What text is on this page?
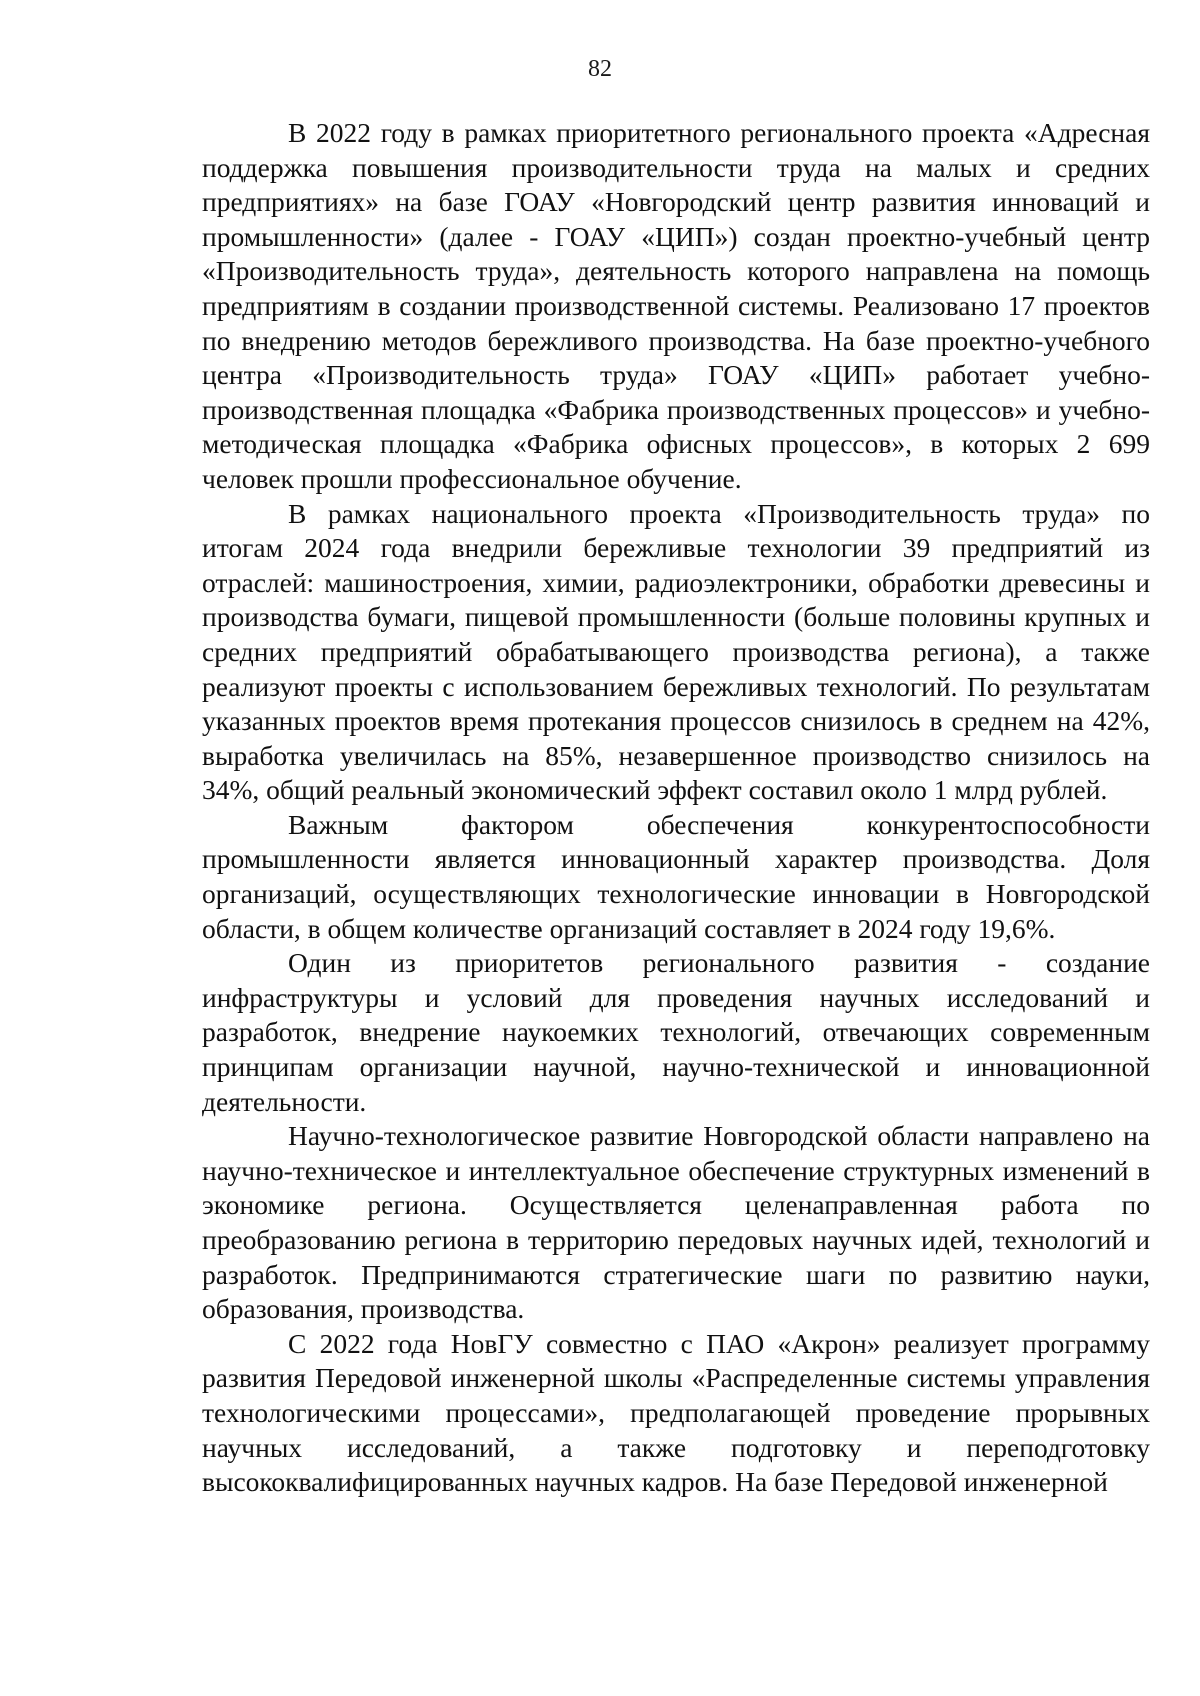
82

В 2022 году в рамках приоритетного регионального проекта «Адресная поддержка повышения производительности труда на малых и средних предприятиях» на базе ГОАУ «Новгородский центр развития инноваций и промышленности» (далее - ГОАУ «ЦИП») создан проектно-учебный центр «Производительность труда», деятельность которого направлена на помощь предприятиям в создании производственной системы. Реализовано 17 проектов по внедрению методов бережливого производства. На базе проектно-учебного центра «Производительность труда» ГОАУ «ЦИП» работает учебно-производственная площадка «Фабрика производственных процессов» и учебно-методическая площадка «Фабрика офисных процессов», в которых 2 699 человек прошли профессиональное обучение.

В рамках национального проекта «Производительность труда» по итогам 2024 года внедрили бережливые технологии 39 предприятий из отраслей: машиностроения, химии, радиоэлектроники, обработки древесины и производства бумаги, пищевой промышленности (больше половины крупных и средних предприятий обрабатывающего производства региона), а также реализуют проекты с использованием бережливых технологий. По результатам указанных проектов время протекания процессов снизилось в среднем на 42%, выработка увеличилась на 85%, незавершенное производство снизилось на 34%, общий реальный экономический эффект составил около 1 млрд рублей.

Важным фактором обеспечения конкурентоспособности промышленности является инновационный характер производства. Доля организаций, осуществляющих технологические инновации в Новгородской области, в общем количестве организаций составляет в 2024 году 19,6%.

Один из приоритетов регионального развития - создание инфраструктуры и условий для проведения научных исследований и разработок, внедрение наукоемких технологий, отвечающих современным принципам организации научной, научно-технической и инновационной деятельности.

Научно-технологическое развитие Новгородской области направлено на научно-техническое и интеллектуальное обеспечение структурных изменений в экономике региона. Осуществляется целенаправленная работа по преобразованию региона в территорию передовых научных идей, технологий и разработок. Предпринимаются стратегические шаги по развитию науки, образования, производства.

С 2022 года НовГУ совместно с ПАО «Акрон» реализует программу развития Передовой инженерной школы «Распределенные системы управления технологическими процессами», предполагающей проведение прорывных научных исследований, а также подготовку и переподготовку высококвалифицированных научных кадров. На базе Передовой инженерной
